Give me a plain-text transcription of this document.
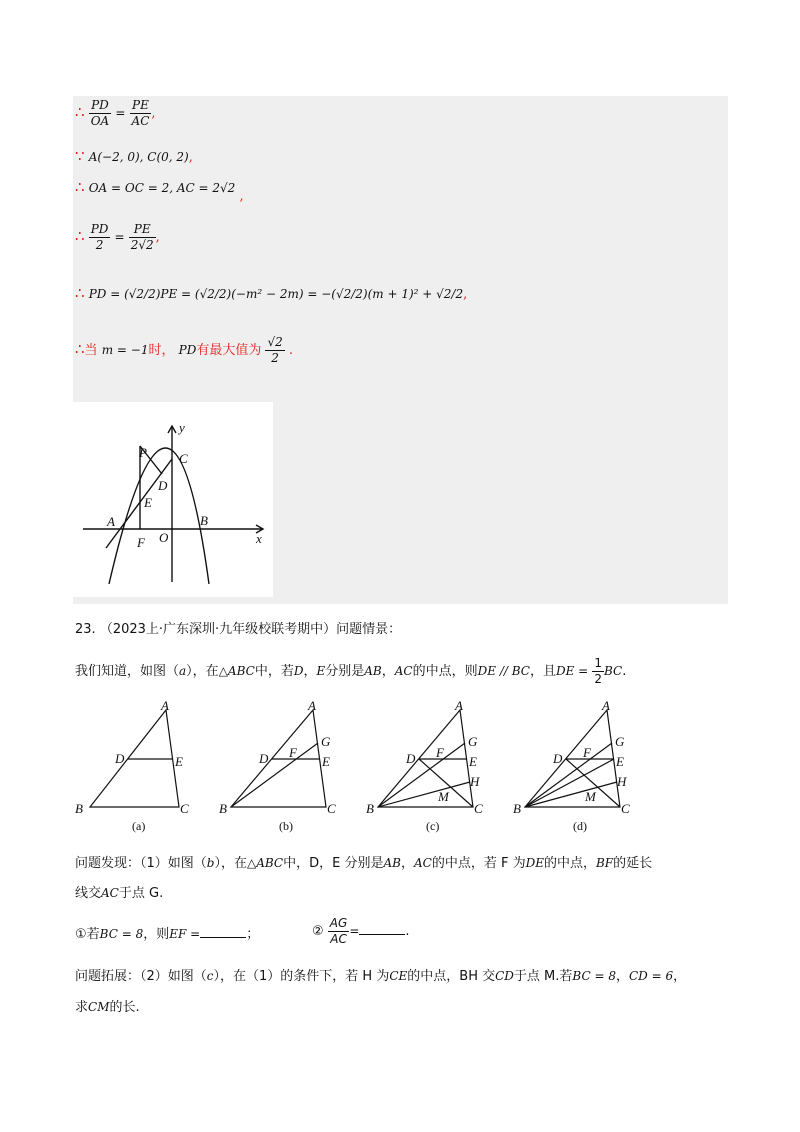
∴ $\frac{PD}{OA} = \frac{PE}{AC}$ ,
∵ A(−2, 0), C(0, 2),
∴ OA = OC = 2, AC = 2√2 ,
∴ $\frac{PD}{2} = \frac{PE}{2√2}$ ,
∴ PD = (√2/2)PE = (√2/2)(−m² − 2m) = −(√2/2)(m + 1)² + √2/2,
∴当 m = −1时， PD有最大值为 $\frac{√2}{2}$ .
y
x
P C
D
E
A	B
F O
23. （2023上·广东深圳·九年级校联考期中）问题情景：
我们知道，如图（a），在△ABC中，若D，E分别是AB，AC的中点，则DE // BC，且DE = $\frac{1}{2}$ BC.
A
D	E
B	C
(a)
A
G
D F
E
B	C
(b)
A
G
D F
E
H
M
B	C
(c)
A
G
D F
E
H
M
B	C
(d)
问题发现：（1）如图（b），在△ABC中，D，E 分别是AB，AC的中点，若 F 为DE的中点，BF的延长
线交AC于点 G.
①若BC = 8，则EF =	；	② $\frac{AG}{AC}$ =	.
问题拓展：（2）如图（c），在（1）的条件下，若 H 为CE的中点，BH 交CD于点 M.若BC = 8，CD = 6，
求CM的长.
